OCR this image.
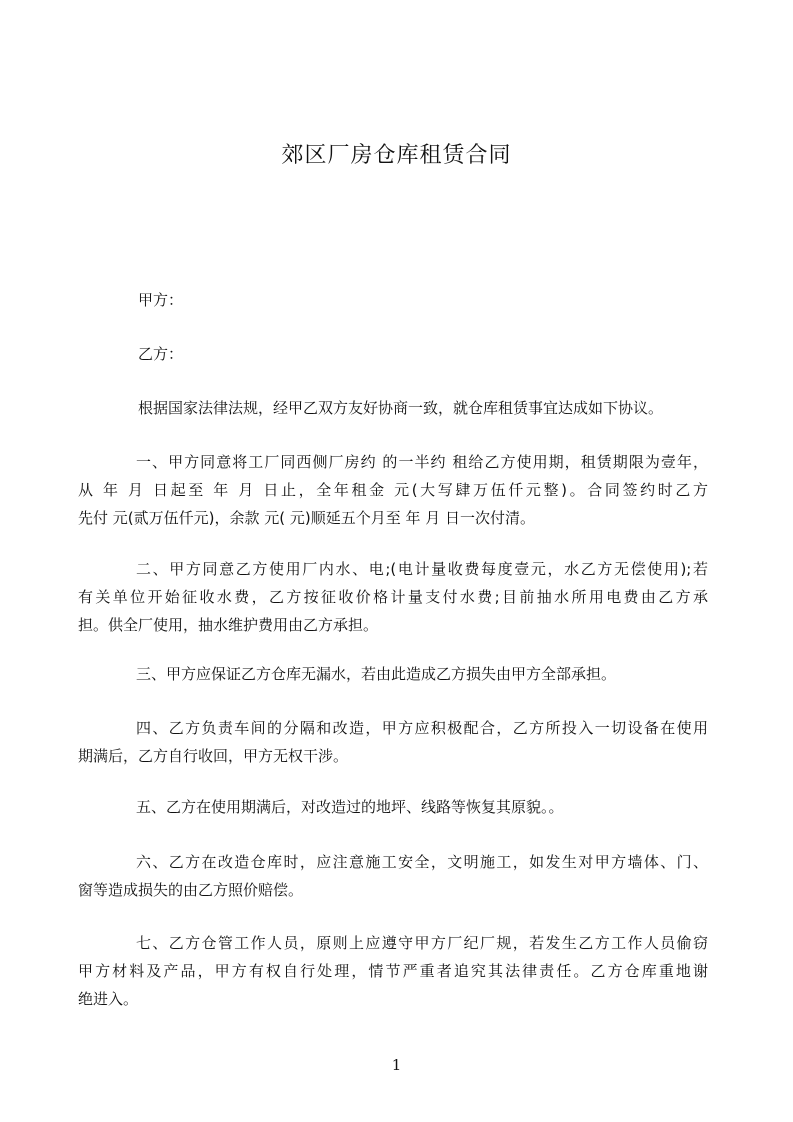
郊区厂房仓库租赁合同
甲方：
乙方：
根据国家法律法规，经甲乙双方友好协商一致，就仓库租赁事宜达成如下协议。
一、甲方同意将工厂同西侧厂房约 的一半约 租给乙方使用期，租赁期限为壹年，
从 年 月 日起至 年 月 日止，全年租金 元(大写肆万伍仟元整)。合同签约时乙方
先付 元(贰万伍仟元)，余款 元( 元)顺延五个月至 年 月 日一次付清。
二、甲方同意乙方使用厂内水、电;(电计量收费每度壹元，水乙方无偿使用);若
有关单位开始征收水费，乙方按征收价格计量支付水费;目前抽水所用电费由乙方承
担。供全厂使用，抽水维护费用由乙方承担。
三、甲方应保证乙方仓库无漏水，若由此造成乙方损失由甲方全部承担。
四、乙方负责车间的分隔和改造，甲方应积极配合，乙方所投入一切设备在使用
期满后，乙方自行收回，甲方无权干涉。
五、乙方在使用期满后，对改造过的地坪、线路等恢复其原貌。。
六、乙方在改造仓库时，应注意施工安全，文明施工，如发生对甲方墙体、门、
窗等造成损失的由乙方照价赔偿。
七、乙方仓管工作人员，原则上应遵守甲方厂纪厂规，若发生乙方工作人员偷窃
甲方材料及产品，甲方有权自行处理，情节严重者追究其法律责任。乙方仓库重地谢
绝进入。
1
